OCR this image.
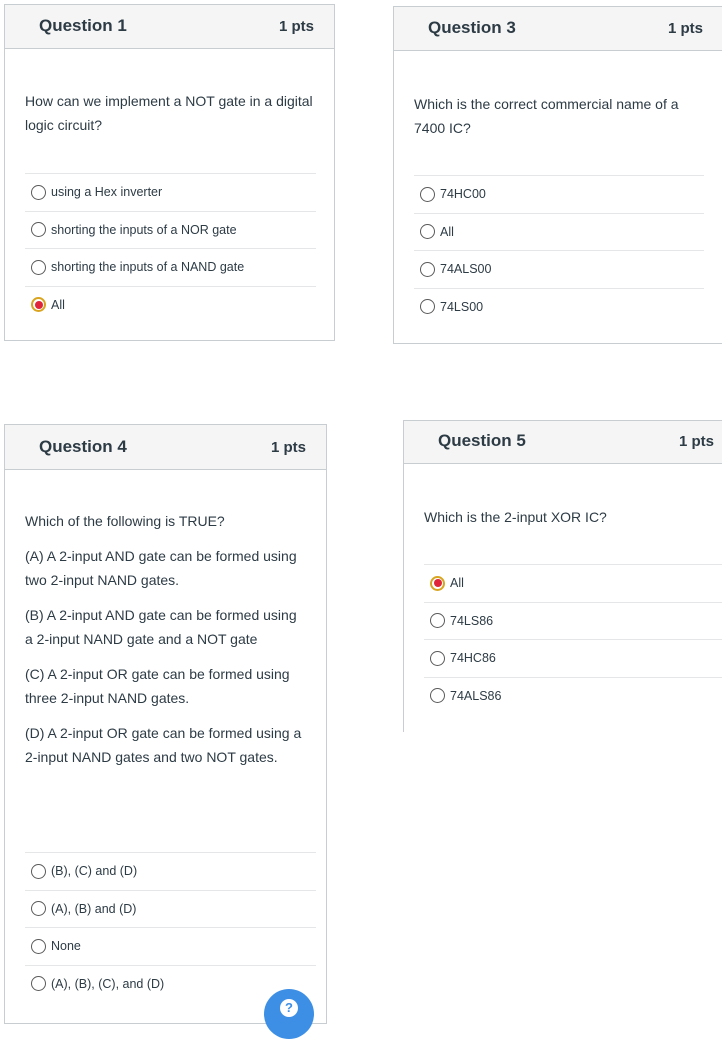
Question 1	1 pts
How can we implement a NOT gate in a digital logic circuit?
using a Hex inverter
shorting the inputs of a NOR gate
shorting the inputs of a NAND gate
All
Question 3	1 pts
Which is the correct commercial name of a 7400 IC?
74HC00
All
74ALS00
74LS00
Question 4	1 pts

Which of the following is TRUE?

(A) A 2-input AND gate can be formed using two 2-input NAND gates.

(B) A 2-input AND gate can be formed using a 2-input NAND gate and a NOT gate

(C) A 2-input OR gate can be formed using three 2-input NAND gates.

(D) A 2-input OR gate can be formed using a 2-input NAND gates and two NOT gates.

(B), (C) and (D)
(A), (B) and (D)
None
(A), (B), (C), and (D)
Question 5	1 pts
Which is the 2-input XOR IC?
All
74LS86
74HC86
74ALS86
?
